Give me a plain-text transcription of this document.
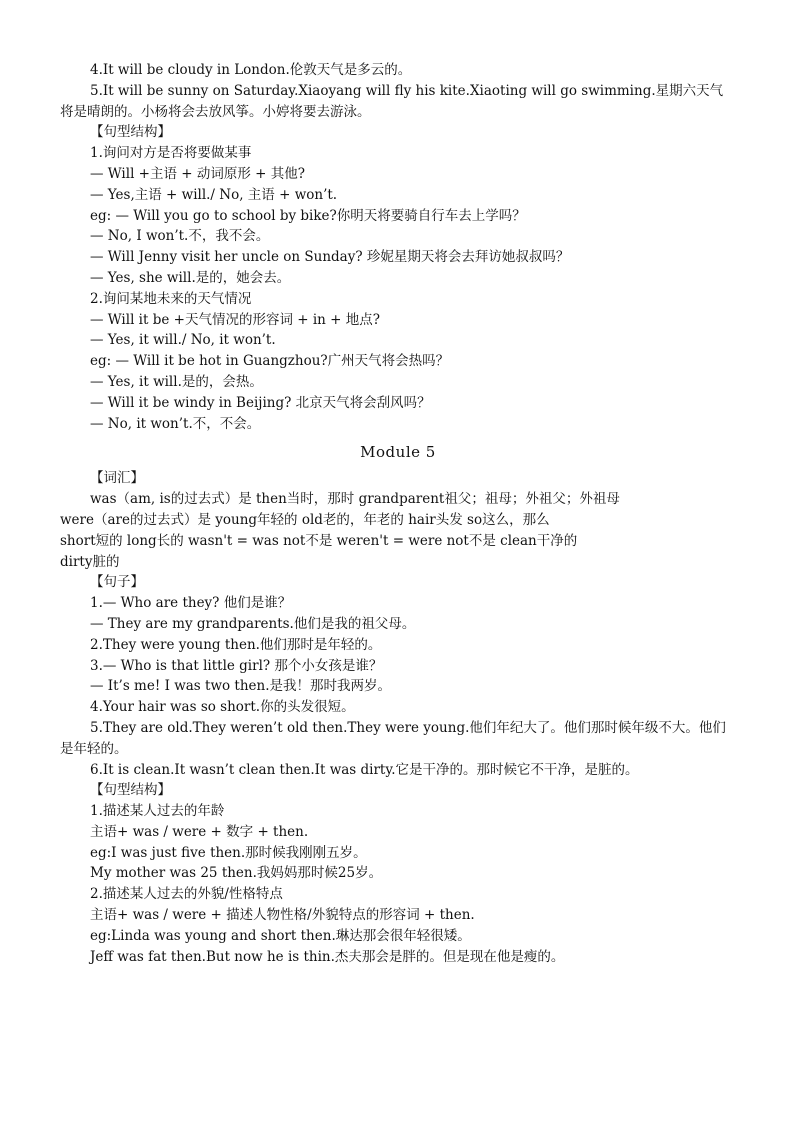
4.It will be cloudy in London.伦敦天气是多云的。
5.It will be sunny on Saturday.Xiaoyang will fly his kite.Xiaoting will go swimming.星期六天气将是晴朗的。小杨将会去放风筝。小婷将要去游泳。
【句型结构】
1.询问对方是否将要做某事
— Will +主语 + 动词原形 + 其他?
— Yes,主语 + will./ No, 主语 + won’t.
eg: — Will you go to school by bike?你明天将要骑自行车去上学吗？
— No, I won’t.不，我不会。
— Will Jenny visit her uncle on Sunday? 珍妮星期天将会去拜访她叔叔吗？
— Yes, she will.是的，她会去。
2.询问某地未来的天气情况
— Will it be +天气情况的形容词 + in + 地点?
— Yes, it will./ No, it won’t.
eg: — Will it be hot in Guangzhou?广州天气将会热吗？
— Yes, it will.是的，会热。
— Will it be windy in Beijing? 北京天气将会刮风吗？
— No, it won’t.不，不会。
Module 5
【词汇】
was（am, is的过去式）是 then当时，那时 grandparent祖父；祖母；外祖父；外祖母
were（are的过去式）是 young年轻的 old老的，年老的 hair头发 so这么，那么
short短的 long长的 wasn't = was not不是 weren't = were not不是 clean干净的
dirty脏的
【句子】
1.— Who are they? 他们是谁？
— They are my grandparents.他们是我的祖父母。
2.They were young then.他们那时是年轻的。
3.— Who is that little girl? 那个小女孩是谁？
— It’s me! I was two then.是我！那时我两岁。
4.Your hair was so short.你的头发很短。
5.They are old.They weren’t old then.They were young.他们年纪大了。他们那时候年级不大。他们是年轻的。
6.It is clean.It wasn’t clean then.It was dirty.它是干净的。那时候它不干净，是脏的。
【句型结构】
1.描述某人过去的年龄
主语+ was / were + 数字 + then.
eg:I was just five then.那时候我刚刚五岁。
My mother was 25 then.我妈妈那时候25岁。
2.描述某人过去的外貌/性格特点
主语+ was / were + 描述人物性格/外貌特点的形容词 + then.
eg:Linda was young and short then.琳达那会很年轻很矮。
Jeff was fat then.But now he is thin.杰夫那会是胖的。但是现在他是瘦的。
